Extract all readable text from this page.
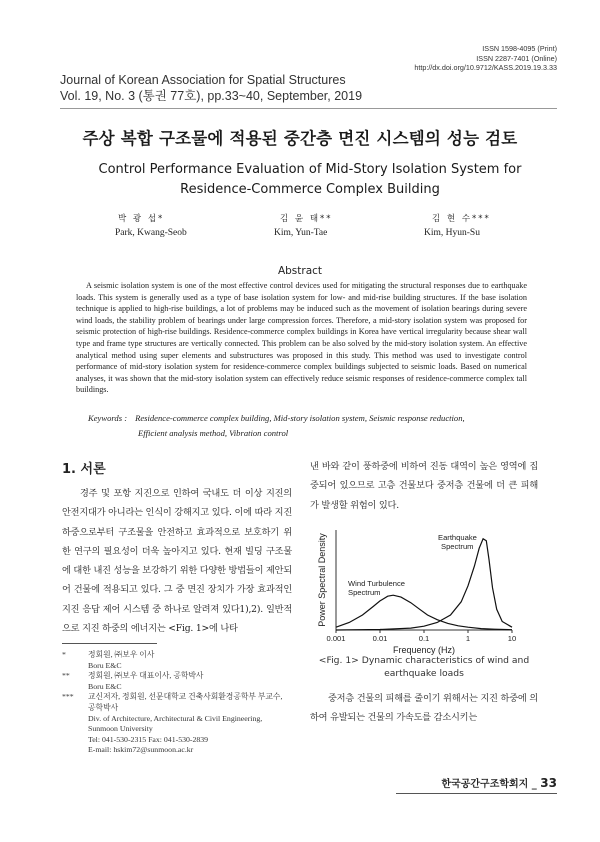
ISSN 1598-4095 (Print)
ISSN 2287-7401 (Online)
http://dx.doi.org/10.9712/KASS.2019.19.3.33
Journal of Korean Association for Spatial Structures
Vol. 19, No. 3 (통권 77호), pp.33~40, September, 2019
주상 복합 구조물에 적용된 중간층 면진 시스템의 성능 검토
Control Performance Evaluation of Mid-Story Isolation System for
Residence-Commerce Complex Building
박 광 섭*
Park, Kwang-Seob
김 윤 태**
Kim, Yun-Tae
김 현 수***
Kim, Hyun-Su
Abstract
A seismic isolation system is one of the most effective control devices used for mitigating the structural responses due to earthquake loads. This system is generally used as a type of base isolation system for low- and mid-rise building structures. If the base isolation technique is applied to high-rise buildings, a lot of problems may be induced such as the movement of isolation bearings during severe wind loads, the stability problem of bearings under large compression forces. Therefore, a mid-story isolation system was proposed for seismic protection of high-rise buildings. Residence-commerce complex buildings in Korea have vertical irregularity because shear wall type and frame type structures are vertically connected. This problem can be also solved by the mid-story isolation system. An effective analytical method using super elements and substructures was proposed in this study. This method was used to investigate control performance of mid-story isolation system for residence-commerce complex buildings subjected to seismic loads. Based on numerical analyses, it was shown that the mid-story isolation system can effectively reduce seismic responses of residence-commerce complex tall buildings.
Keywords : Residence-commerce complex building, Mid-story isolation system, Seismic response reduction,
Efficient analysis method, Vibration control
1. 서론
경주 및 포항 지진으로 인하여 국내도 더 이상 지진의 안전지대가 아니라는 인식이 강해지고 있다. 이에 따라 지진 하중으로부터 구조물을 안전하고 효과적으로 보호하기 위한 연구의 필요성이 더욱 높아지고 있다. 현재 빌딩 구조물에 대한 내진 성능을 보강하기 위한 다양한 방법들이 제안되어 건물에 적용되고 있다. 그 중 면진 장치가 가장 효과적인 지진 응답 제어 시스템 중 하나로 알려져 있다1),2). 일반적으로 지진 하중의 에너지는 <Fig. 1>에 나타
*	정회원, ㈜보우 이사
Boru E&C
**	정회원, ㈜보우 대표이사, 공학박사
Boru E&C
***	교신저자, 정회원, 선문대학교 건축사회환경공학부 부교수,
공학박사
Div. of Architecture, Architectural & Civil Engineering,
Sunmoon University
Tel: 041-530-2315 Fax: 041-530-2839
E-mail: hskim72@sunmoon.ac.kr
낸 바와 같이 풍하중에 비하여 진동 대역이 높은 영역에 집중되어 있으므로 고층 건물보다 중저층 건물에 더 큰 피해가 발생할 위험이 있다.
0.001	0.01	0.1	1	10
Power Spectral Density
Frequency (Hz)
Wind Turbulence
Spectrum
Earthquake
Spectrum
<Fig. 1> Dynamic characteristics of wind and
earthquake loads
중저층 건물의 피해를 줄이기 위해서는 지진 하중에 의하여 유발되는 건물의 가속도를 감소시키는
한국공간구조학회지 _ 33
